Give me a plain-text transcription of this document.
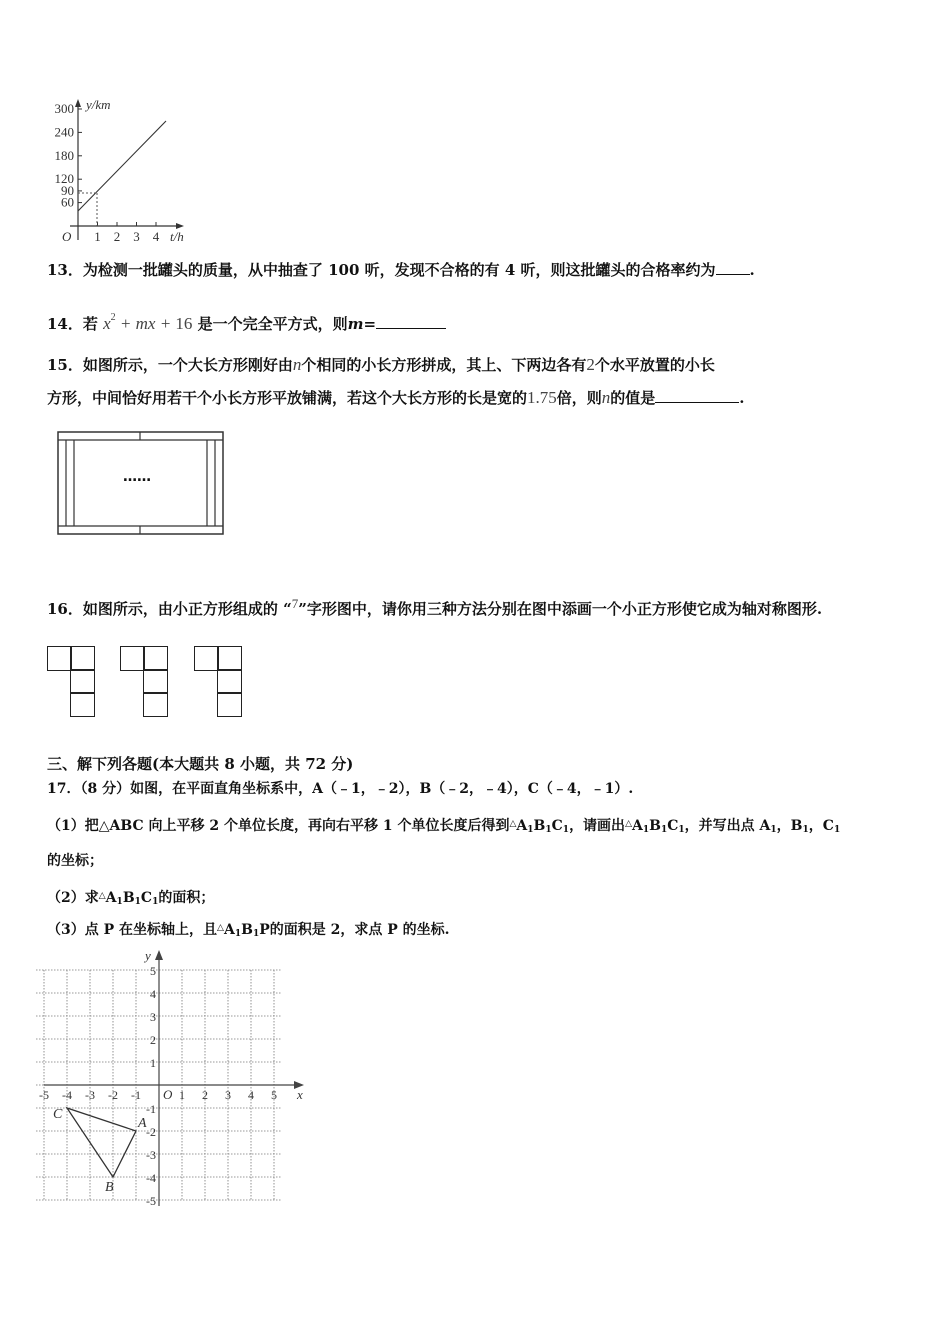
y/km
t/h
O
300
240
180
120
90
60
1 2 3 4
13．为检测一批罐头的质量，从中抽查了 100 听，发现不合格的有 4 听，则这批罐头的合格率约为 .
14．若 $x^2$ + mx + 16 是一个完全平方式，则m=
15．如图所示，一个大长方形刚好由n个相同的小长方形拼成，其上、下两边各有2个水平放置的小长
方形，中间恰好用若干个小长方形平放铺满，若这个大长方形的长是宽的1.75倍，则n的值是	.
……
16．如图所示，由小正方形组成的 “7”字形图中，请你用三种方法分别在图中添画一个小正方形使它成为轴对称图形.
三、解下列各题(本大题共 8 小题，共 72 分)
17．（8 分）如图，在平面直角坐标系中，A（﹣1，﹣2），B（﹣2，﹣4），C（﹣4，﹣1）.
（1）把△ABC 向上平移 2 个单位长度，再向右平移 1 个单位长度后得到$^\triangle A_1B_1C_1$，请画出$^\triangle A_1B_1C_1$，并写出点 $A_1$，$B_1$，$C_1$
的坐标；
（2）求$^\triangle A_1B_1C_1$的面积；
（3）点 P 在坐标轴上，且$^\triangle A_1B_1P$的面积是 2，求点 P 的坐标.
-5 -4 -3 -2 -1	1 2 3 4 5
5
4
3
2
1
-1
-2
-3
-4
-5
O	x
y
A
B
C
